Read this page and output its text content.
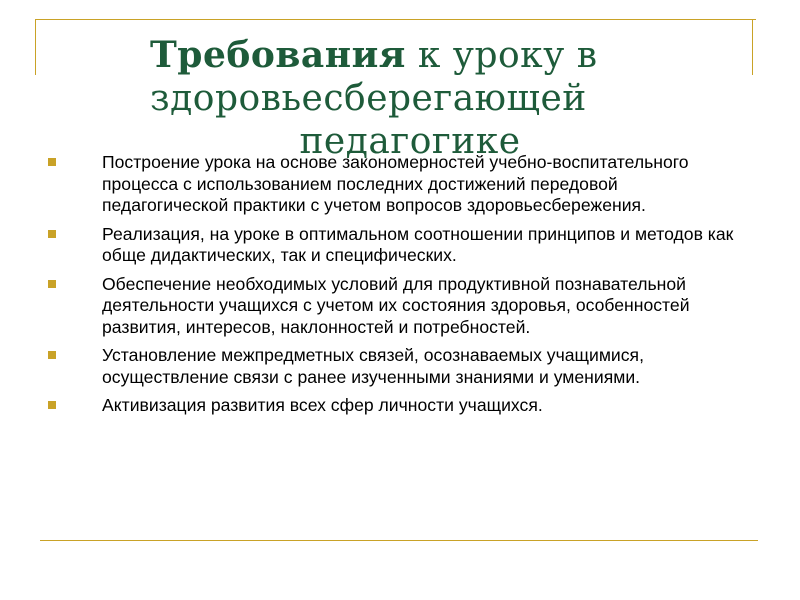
Требования к уроку в
здоровьесберегающей
педагогике
Построение урока на основе закономерностей учебно-воспитательного процесса с использованием последних достижений передовой педагогической практики с учетом вопросов здоровьесбережения.
Реализация, на уроке в оптимальном соотношении принципов и методов как обще дидактических, так и специфических.
Обеспечение необходимых условий для продуктивной познавательной деятельности учащихся с учетом их состояния здоровья, особенностей развития, интересов, наклонностей и потребностей.
Установление межпредметных связей, осознаваемых учащимися, осуществление связи с ранее изученными знаниями и умениями.
Активизация развития всех сфер личности учащихся.
